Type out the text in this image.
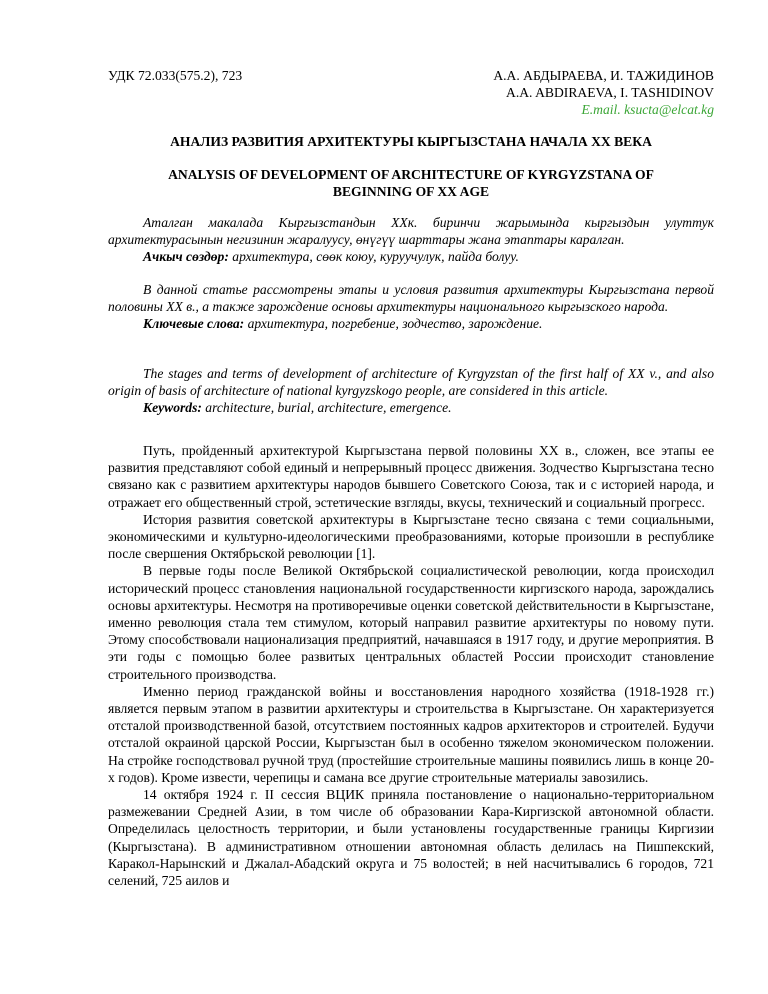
УДК 72.033(575.2), 723	А.А. АБДЫРАЕВА, И. ТАЖИДИНОВ
A.A. ABDIRAEVA, I. TASHIDINOV
E.mail. ksucta@elcat.kg
АНАЛИЗ РАЗВИТИЯ АРХИТЕКТУРЫ КЫРГЫЗСТАНА НАЧАЛА XX ВЕКА
ANALYSIS OF DEVELOPMENT OF ARCHITECTURE OF KYRGYZSTANA OF
BEGINNING OF XX AGE

Аталган макалада Кыргызстандын XXк. биринчи жарымында кыргыздын улуттук архитектурасынын негизинин жаралуусу, өнүгүү шарттары жана этаптары каралган.

Ачкыч сөздөр: архитектура, сөөк коюу, куруучулук, пайда болуу.

В данной статье рассмотрены этапы и условия развития архитектуры Кыргызстана первой половины XX в., а также зарождение основы архитектуры национального кыргызского народа.

Ключевые слова: архитектура, погребение, зодчество, зарождение.

The stages and terms of development of architecture of Kyrgyzstan of the first half of XX v., and also origin of basis of architecture of national kyrgyzskogo people, are considered in this article.

Keywords: architecture, burial, architecture, emergence.

Путь, пройденный архитектурой Кыргызстана первой половины XX в., сложен, все этапы ее развития представляют собой единый и непрерывный процесс движения. Зодчество Кыргызстана тесно связано как с развитием архитектуры народов бывшего Советского Союза, так и с историей народа, и отражает его общественный строй, эстетические взгляды, вкусы, технический и социальный прогресс.

История развития советской архитектуры в Кыргызстане тесно связана с теми социальными, экономическими и культурно-идеологическими преобразованиями, которые произошли в республике после свершения Октябрьской революции [1].

В первые годы после Великой Октябрьской социалистической революции, когда происходил исторический процесс становления национальной государственности киргизского народа, зарождались основы архитектуры. Несмотря на противоречивые оценки советской действительности в Кыргызстане, именно революция стала тем стимулом, который направил развитие архитектуры по новому пути. Этому способствовали национализация предприятий, начавшаяся в 1917 году, и другие мероприятия. В эти годы с помощью более развитых центральных областей России происходит становление строительного производства.

Именно период гражданской войны и восстановления народного хозяйства (1918-1928 гг.) является первым этапом в развитии архитектуры и строительства в Кыргызстане. Он характеризуется отсталой производственной базой, отсутствием постоянных кадров архитекторов и строителей. Будучи отсталой окраиной царской России, Кыргызстан был в особенно тяжелом экономическом положении. На стройке господствовал ручной труд (простейшие строительные машины появились лишь в конце 20-х годов). Кроме извести, черепицы и самана все другие строительные материалы завозились.

14 октября 1924 г. II сессия ВЦИК приняла постановление о национально-территориальном размежевании Средней Азии, в том числе об образовании Кара-Киргизской автономной области. Определилась целостность территории, и были установлены государственные границы Киргизии (Кыргызстана). В административном отношении автономная область делилась на Пишпекский, Каракол-Нарынский и Джалал-Абадский округа и 75 волостей; в ней насчитывались 6 городов, 721 селений, 725 аилов и
